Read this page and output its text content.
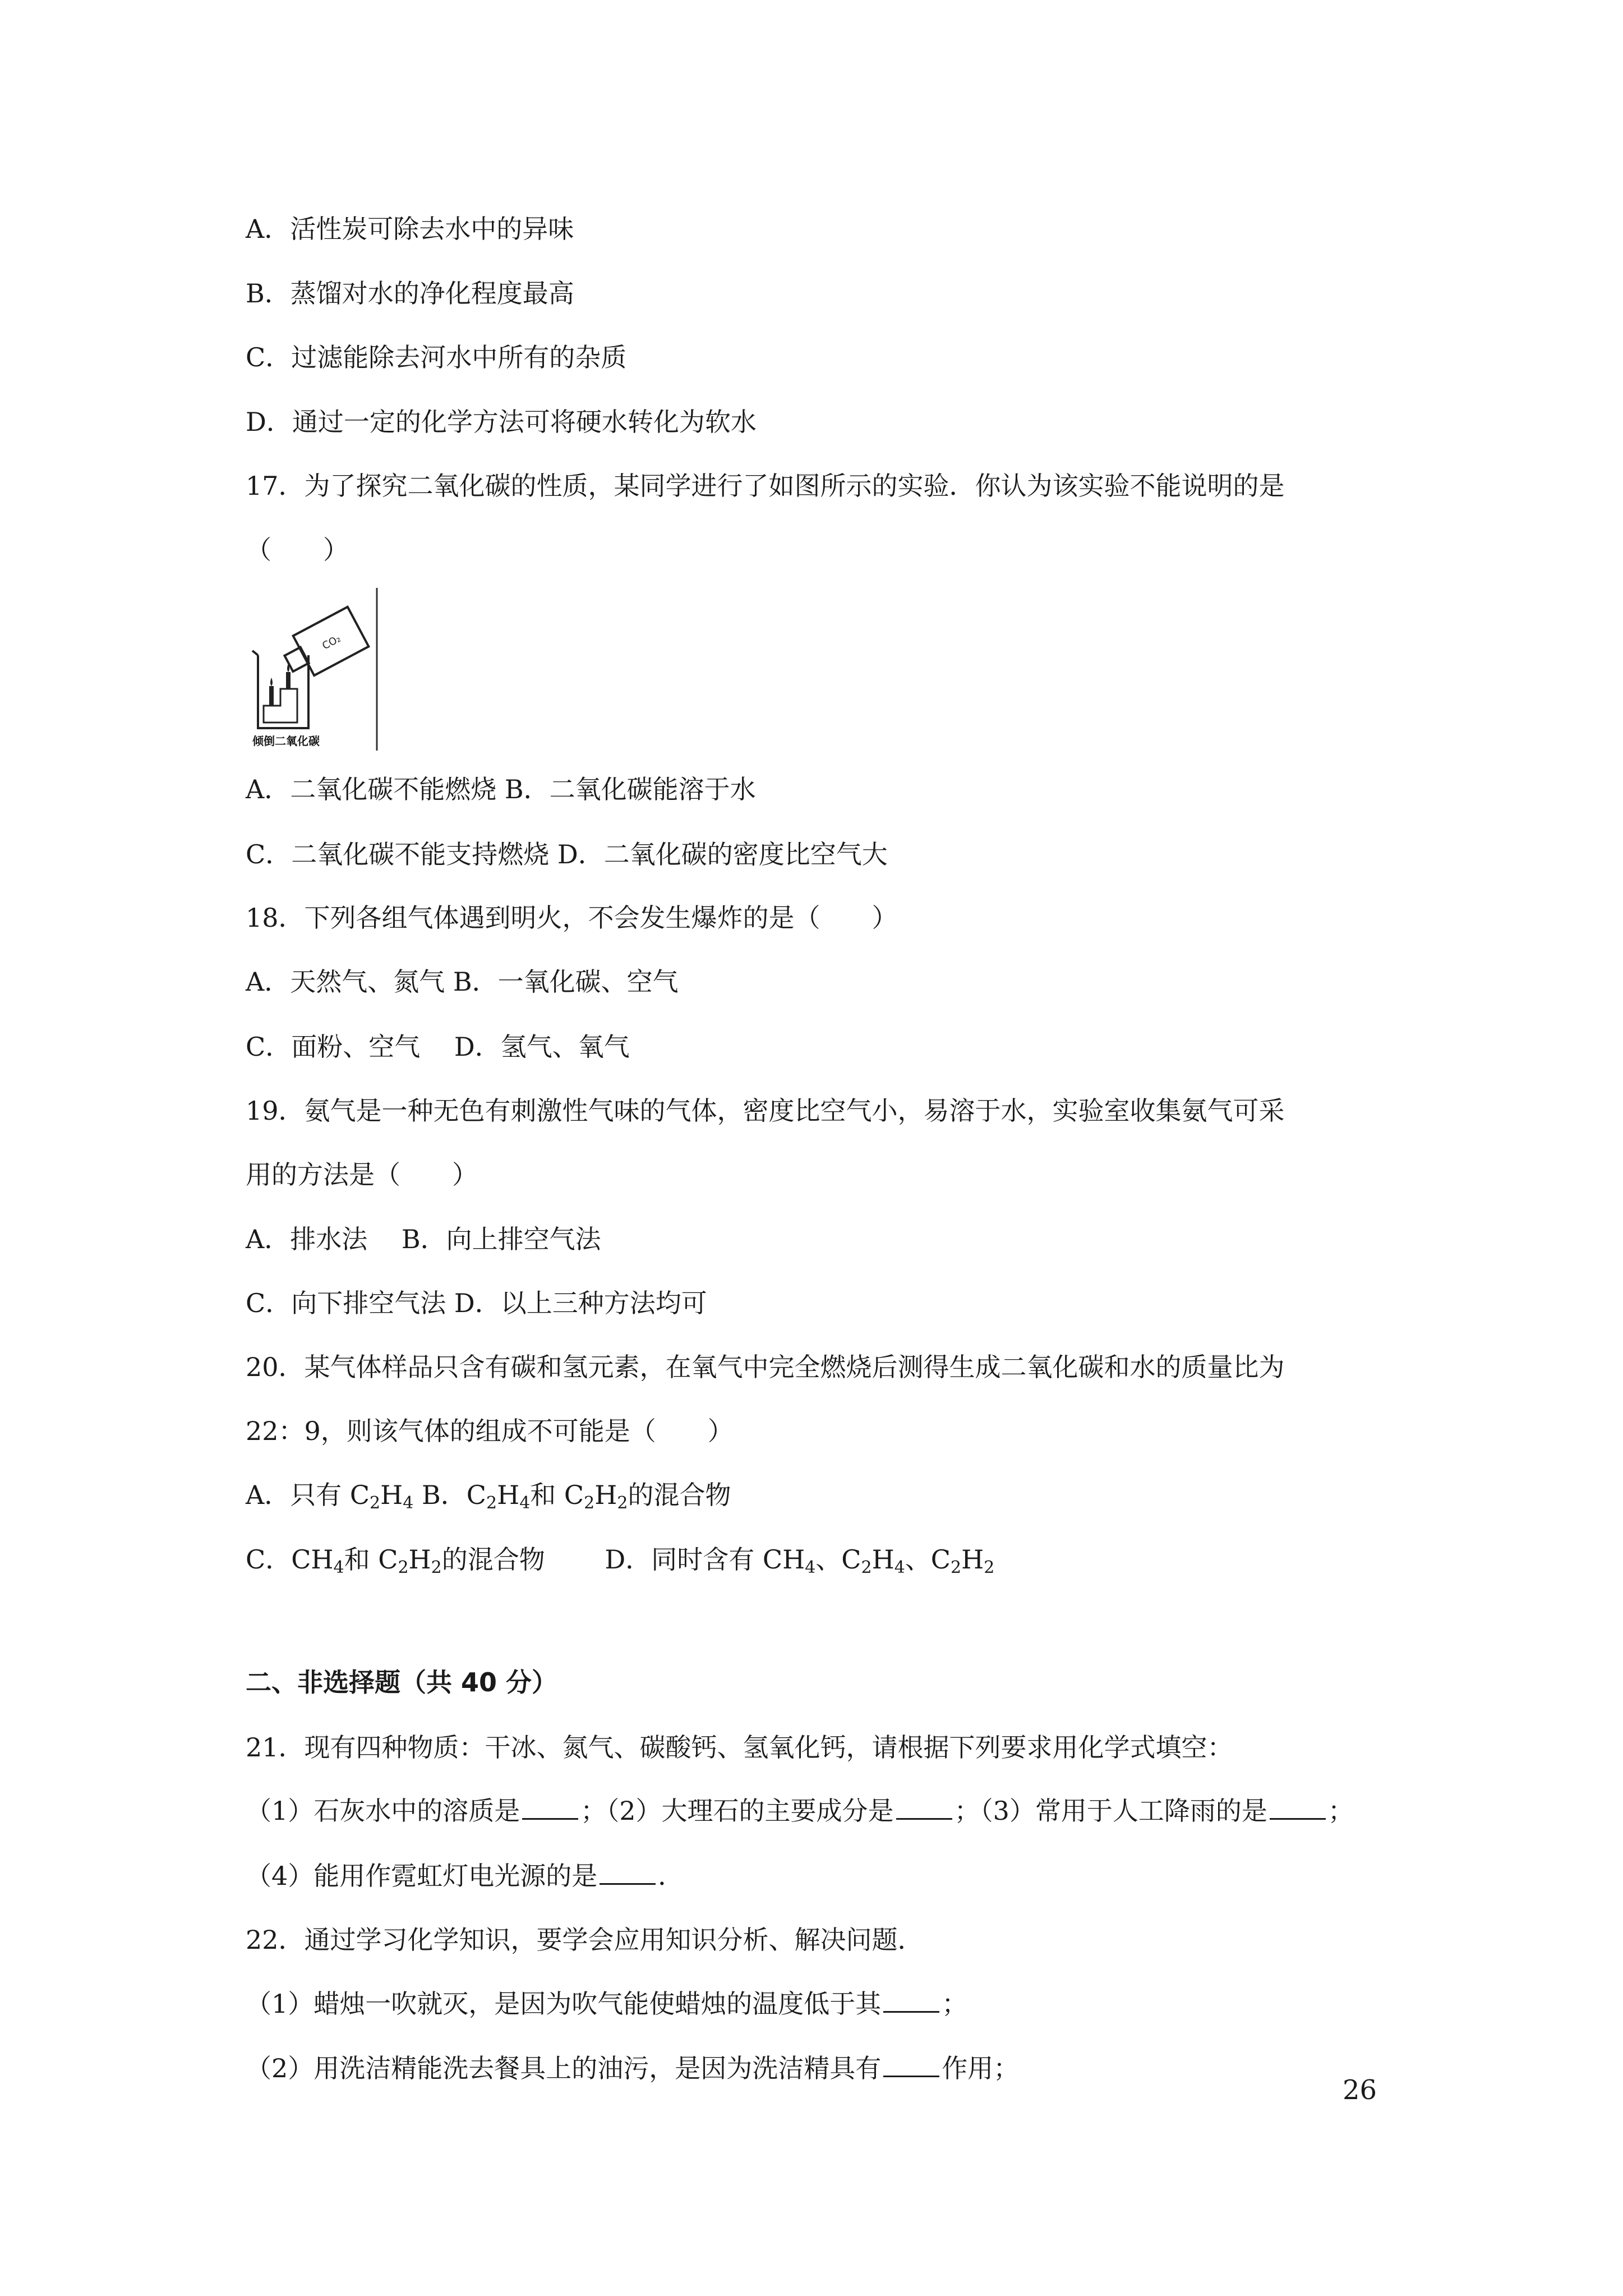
A．活性炭可除去水中的异味
B．蒸馏对水的净化程度最高
C．过滤能除去河水中所有的杂质
D．通过一定的化学方法可将硬水转化为软水
17．为了探究二氧化碳的性质，某同学进行了如图所示的实验．你认为该实验不能说明的是
（　　）
CO₂
倾倒二氧化碳
A．二氧化碳不能燃烧 B．二氧化碳能溶于水
C．二氧化碳不能支持燃烧 D．二氧化碳的密度比空气大
18．下列各组气体遇到明火，不会发生爆炸的是（　　）
A．天然气、氮气 B．一氧化碳、空气
C．面粉、空气　 D．氢气、氧气
19．氨气是一种无色有刺激性气味的气体，密度比空气小，易溶于水，实验室收集氨气可采
用的方法是（　　）
A．排水法　 B．向上排空气法
C．向下排空气法 D．以上三种方法均可
20．某气体样品只含有碳和氢元素，在氧气中完全燃烧后测得生成二氧化碳和水的质量比为
22：9，则该气体的组成不可能是（　　）
A．只有 $C_2H_4$ B．$C_2H_4$和 $C_2H_2$的混合物
C．$CH_4$和 $C_2H_2$的混合物　　 D．同时含有 $CH_4$、$C_2H_4$、$C_2H_2$
二、非选择题（共 40 分）
21．现有四种物质：干冰、氮气、碳酸钙、氢氧化钙，请根据下列要求用化学式填空：
（1）石灰水中的溶质是 ；（2）大理石的主要成分是 ；（3）常用于人工降雨的是 ；
（4）能用作霓虹灯电光源的是 ．
22．通过学习化学知识，要学会应用知识分析、解决问题．
（1）蜡烛一吹就灭，是因为吹气能使蜡烛的温度低于其 ；
（2）用洗洁精能洗去餐具上的油污，是因为洗洁精具有 作用；
26
